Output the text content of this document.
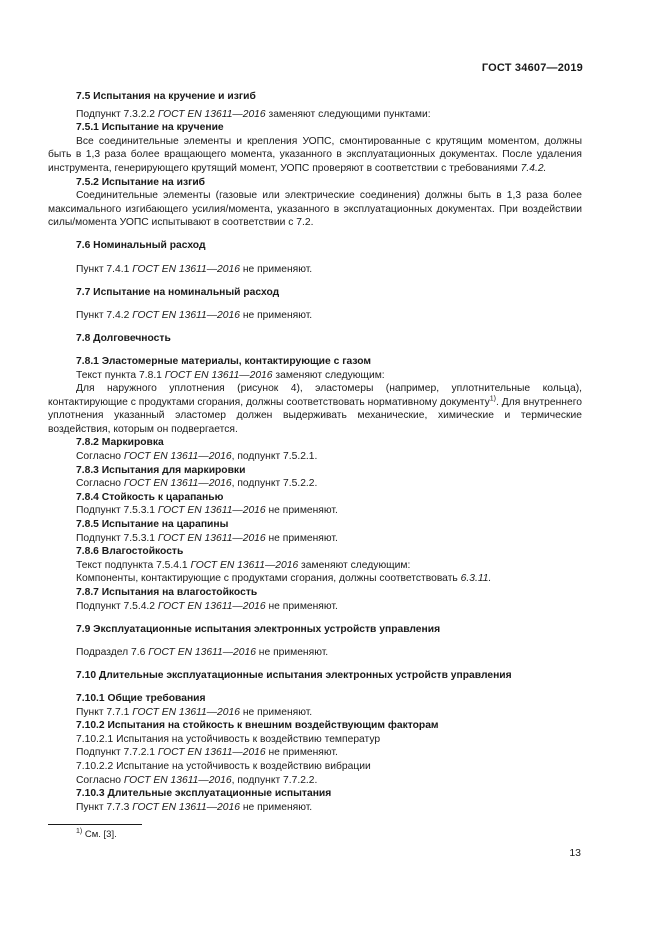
ГОСТ 34607—2019

7.5 Испытания на кручение и изгиб

Подпункт 7.3.2.2 ГОСТ EN 13611—2016 заменяют следующими пунктами:

7.5.1 Испытание на кручение

Все соединительные элементы и крепления УОПС, смонтированные с крутящим моментом, должны быть в 1,3 раза более вращающего момента, указанного в эксплуатационных документах. После удаления инструмента, генерирующего крутящий момент, УОПС проверяют в соответствии с требованиями 7.4.2.

7.5.2 Испытание на изгиб

Соединительные элементы (газовые или электрические соединения) должны быть в 1,3 раза более максимального изгибающего усилия/момента, указанного в эксплуатационных документах. При воздействии силы/момента УОПС испытывают в соответствии с 7.2.

7.6 Номинальный расход

Пункт 7.4.1 ГОСТ EN 13611—2016 не применяют.

7.7 Испытание на номинальный расход

Пункт 7.4.2 ГОСТ EN 13611—2016 не применяют.

7.8 Долговечность

7.8.1 Эластомерные материалы, контактирующие с газом

Текст пункта 7.8.1 ГОСТ EN 13611—2016 заменяют следующим:

Для наружного уплотнения (рисунок 4), эластомеры (например, уплотнительные кольца), контактирующие с продуктами сгорания, должны соответствовать нормативному документу$^{1)}$. Для внутреннего уплотнения указанный эластомер должен выдерживать механические, химические и термические воздействия, которым он подвергается.

7.8.2 Маркировка

Согласно ГОСТ EN 13611—2016, подпункт 7.5.2.1.

7.8.3 Испытания для маркировки

Согласно ГОСТ EN 13611—2016, подпункт 7.5.2.2.

7.8.4 Стойкость к царапанью

Подпункт 7.5.3.1 ГОСТ EN 13611—2016 не применяют.

7.8.5 Испытание на царапины

Подпункт 7.5.3.1 ГОСТ EN 13611—2016 не применяют.

7.8.6 Влагостойкость

Текст подпункта 7.5.4.1 ГОСТ EN 13611—2016 заменяют следующим:

Компоненты, контактирующие с продуктами сгорания, должны соответствовать 6.3.11.

7.8.7 Испытания на влагостойкость

Подпункт 7.5.4.2 ГОСТ EN 13611—2016 не применяют.

7.9 Эксплуатационные испытания электронных устройств управления

Подраздел 7.6 ГОСТ EN 13611—2016 не применяют.

7.10 Длительные эксплуатационные испытания электронных устройств управления

7.10.1 Общие требования

Пункт 7.7.1 ГОСТ EN 13611—2016 не применяют.

7.10.2 Испытания на стойкость к внешним воздействующим факторам

7.10.2.1 Испытания на устойчивость к воздействию температур

Подпункт 7.7.2.1 ГОСТ EN 13611—2016 не применяют.

7.10.2.2 Испытание на устойчивость к воздействию вибрации

Согласно ГОСТ EN 13611—2016, подпункт 7.7.2.2.

7.10.3 Длительные эксплуатационные испытания

Пункт 7.7.3 ГОСТ EN 13611—2016 не применяют.

$^{1)}$ См. [3].
13
